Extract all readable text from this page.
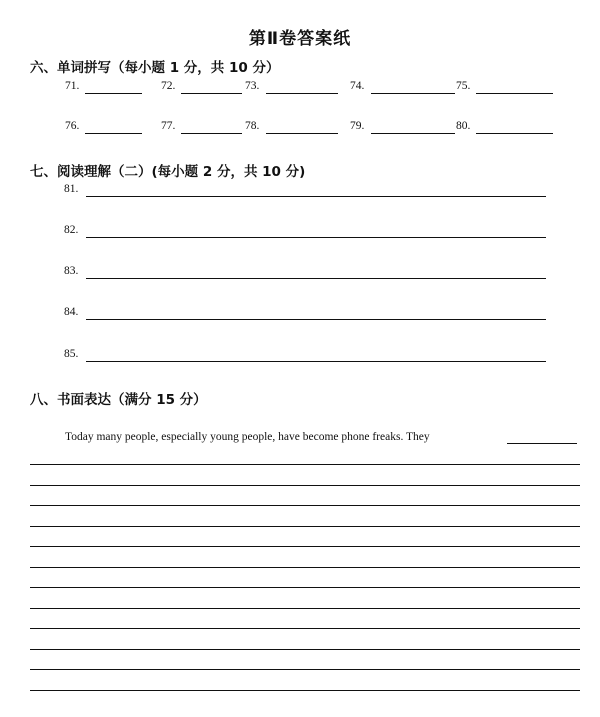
第Ⅱ卷答案纸
六、单词拼写（每小题 1 分，共 10 分）
71.	72.	73.	74.	75.
76.	77.	78.	79.	80.
七、阅读理解（二）(每小题 2 分，共 10 分)
81.
82.
83.
84.
85.
八、书面表达（满分 15 分）
Today many people, especially young people, have become phone freaks. They
